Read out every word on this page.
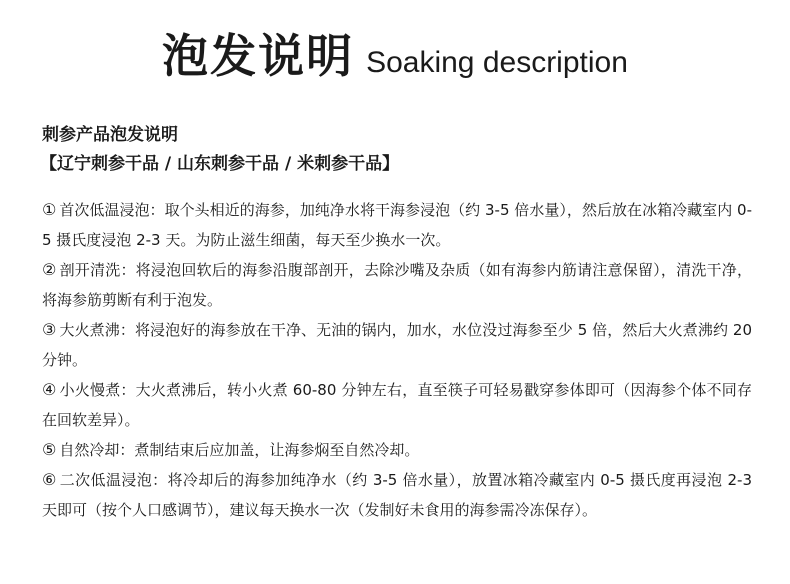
泡发说明 Soaking description
刺参产品泡发说明
【辽宁刺参干品 / 山东刺参干品 / 米刺参干品】

① 首次低温浸泡：取个头相近的海参，加纯净水将干海参浸泡（约 3-5 倍水量），然后放在冰箱冷藏室内 0-5 摄氏度浸泡 2-3 天。为防止滋生细菌，每天至少换水一次。

② 剖开清洗：将浸泡回软后的海参沿腹部剖开，去除沙嘴及杂质（如有海参内筋请注意保留），清洗干净，将海参筋剪断有利于泡发。

③ 大火煮沸：将浸泡好的海参放在干净、无油的锅内，加水，水位没过海参至少 5 倍，然后大火煮沸约 20 分钟。

④ 小火慢煮：大火煮沸后，转小火煮 60-80 分钟左右，直至筷子可轻易戳穿参体即可（因海参个体不同存在回软差异）。

⑤ 自然冷却：煮制结束后应加盖，让海参焖至自然冷却。

⑥ 二次低温浸泡：将冷却后的海参加纯净水（约 3-5 倍水量），放置冰箱冷藏室内 0-5 摄氏度再浸泡 2-3 天即可（按个人口感调节），建议每天换水一次（发制好未食用的海参需冷冻保存）。
